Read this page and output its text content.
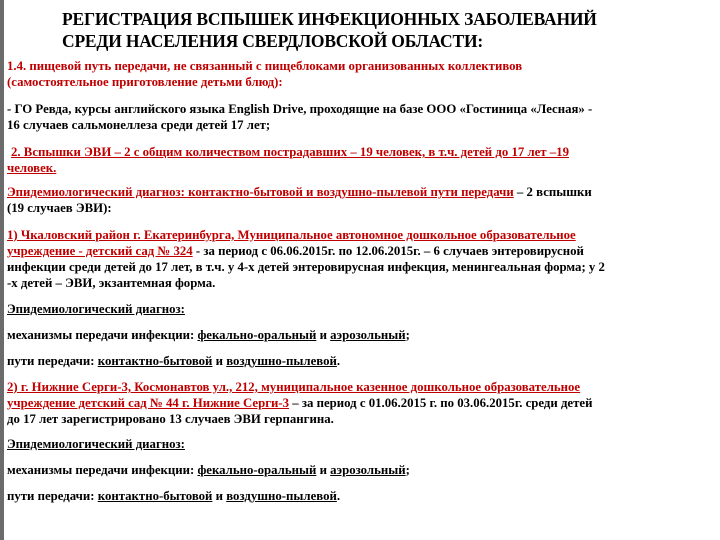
РЕГИСТРАЦИЯ ВСПЫШЕК ИНФЕКЦИОННЫХ ЗАБОЛЕВАНИЙ
СРЕДИ НАСЕЛЕНИЯ СВЕРДЛОВСКОЙ ОБЛАСТИ:
1.4. пищевой путь передачи, не связанный с пищеблоками организованных коллективов
(самостоятельное приготовление детьми блюд):
- ГО Ревда, курсы английского языка English Drive, проходящие на базе ООО «Гостиница «Лесная» -
16 случаев сальмонеллеза среди детей 17 лет;
2. Вспышки ЭВИ – 2 с общим количеством пострадавших – 19 человек, в т.ч. детей до 17 лет –19
человек.
Эпидемиологический диагноз: контактно-бытовой и воздушно-пылевой пути передачи – 2 вспышки
(19 случаев ЭВИ):
1) Чкаловский район г. Екатеринбурга, Муниципальное автономное дошкольное образовательное
учреждение - детский сад № 324 - за период с 06.06.2015г. по 12.06.2015г. – 6 случаев энтеровирусной
инфекции среди детей до 17 лет, в т.ч. у 4-х детей энтеровирусная инфекция, менингеальная форма; у 2
-х детей – ЭВИ, экзантемная форма.
Эпидемиологический диагноз:
механизмы передачи инфекции: фекально-оральный и аэрозольный;
пути передачи: контактно-бытовой и воздушно-пылевой.
2) г. Нижние Серги-3, Космонавтов ул., 212, муниципальное казенное дошкольное образовательное
учреждение детский сад № 44 г. Нижние Серги-3 – за период с 01.06.2015 г. по 03.06.2015г. среди детей
до 17 лет зарегистрировано 13 случаев ЭВИ герпангина.
Эпидемиологический диагноз:
механизмы передачи инфекции: фекально-оральный и аэрозольный;
пути передачи: контактно-бытовой и воздушно-пылевой.
